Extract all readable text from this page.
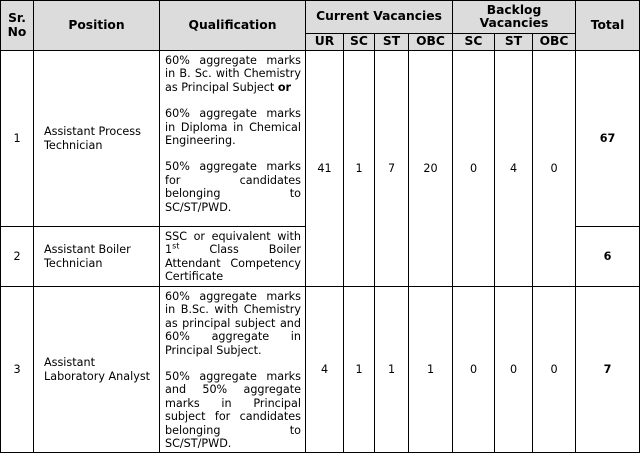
Sr. No	Position	Qualification	Current Vacancies				Backlog Vacancies			Total
			UR	SC	ST	OBC	SC	ST	OBC	
1	Assistant Process Technician	60% aggregate marks in B. Sc. with Chemistry as Principal Subject or

60% aggregate marks in Diploma in Chemical Engineering.

50% aggregate marks for candidates belonging to SC/ST/PWD.	41	1	7	20	0	4	0	67
2	Assistant Boiler Technician	SSC or equivalent with 1st Class Boiler Attendant Competency Certificate								6
3	Assistant Laboratory Analyst	60% aggregate marks in B.Sc. with Chemistry as principal subject and 60% aggregate in Principal Subject.

50% aggregate marks and 50% aggregate marks in Principal subject for candidates belonging to SC/ST/PWD.	4	1	1	1	0	0	0	7
